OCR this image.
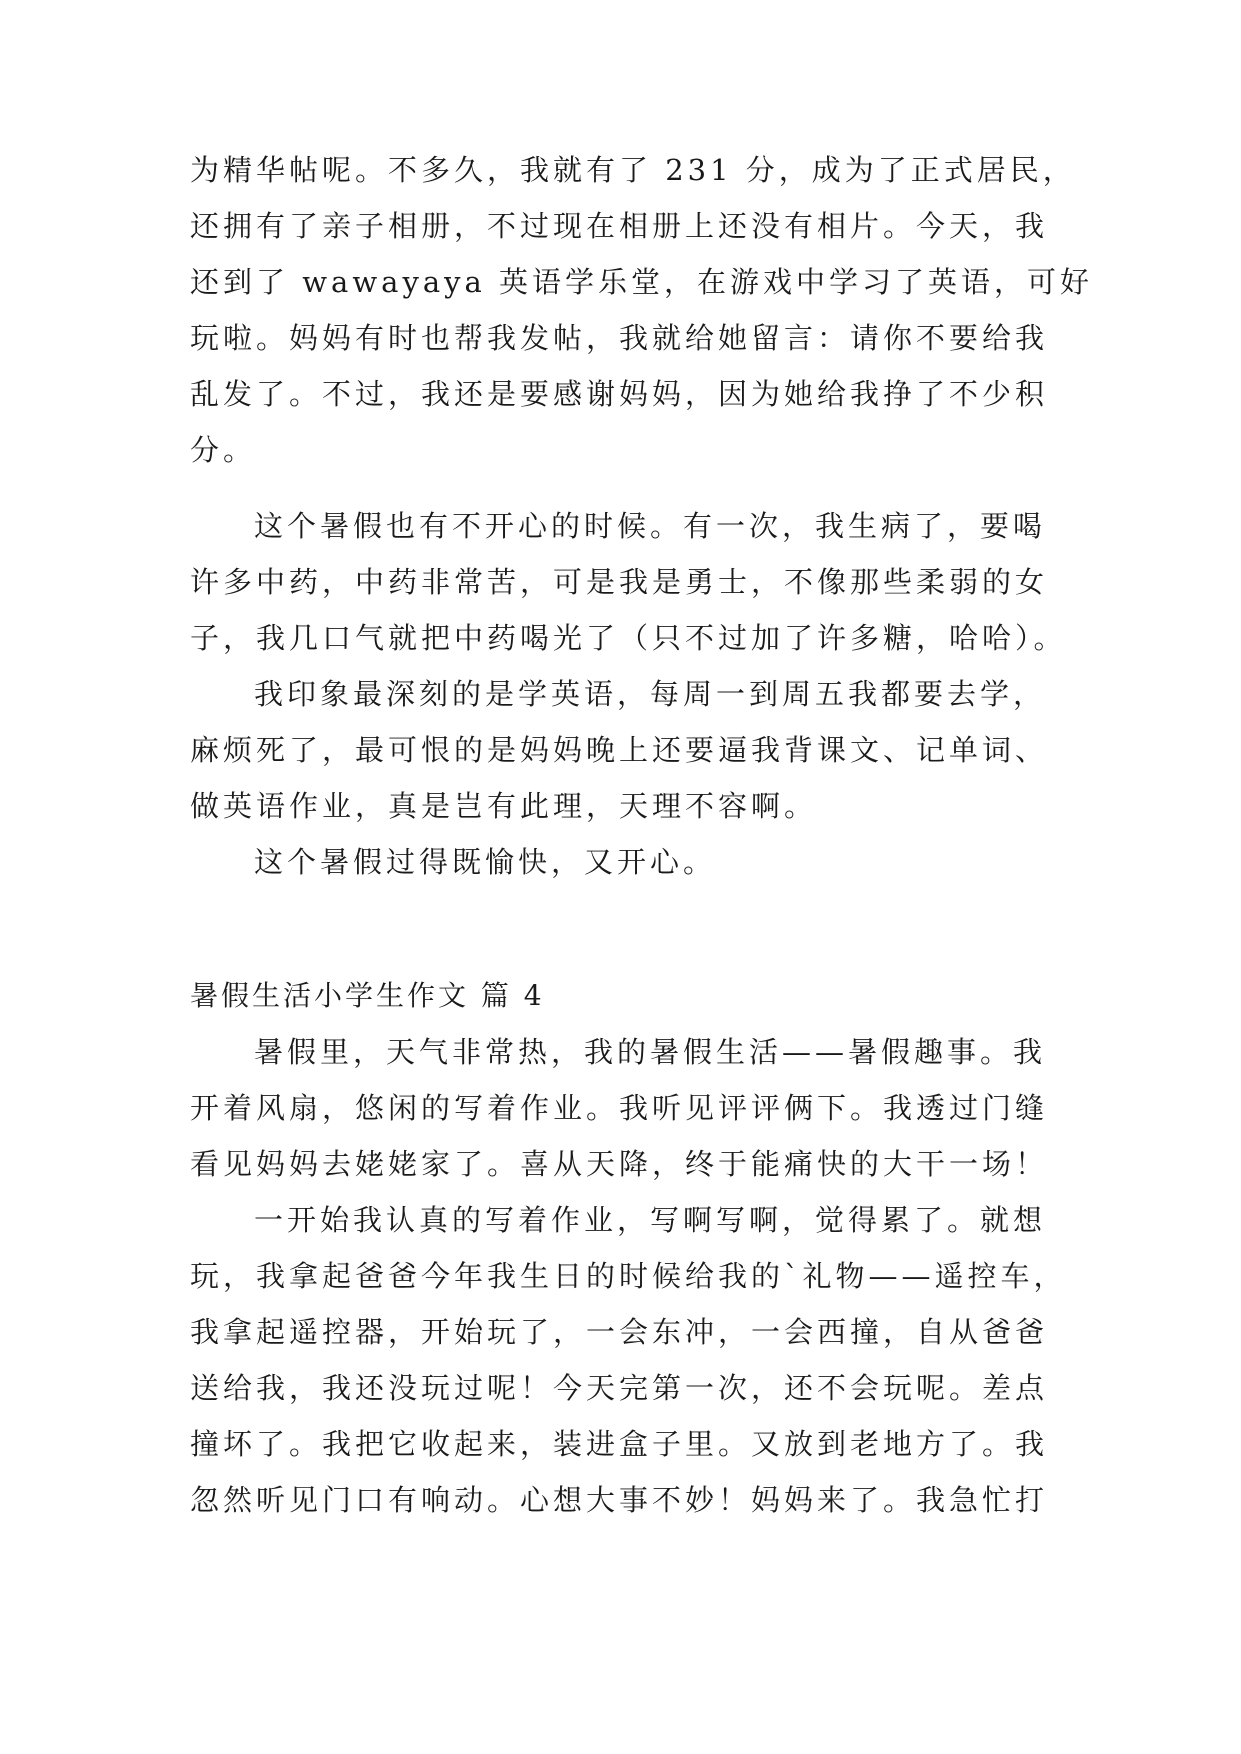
为精华帖呢。不多久，我就有了 231 分，成为了正式居民，
还拥有了亲子相册，不过现在相册上还没有相片。今天，我
还到了 wawayaya 英语学乐堂，在游戏中学习了英语，可好
玩啦。妈妈有时也帮我发帖，我就给她留言：请你不要给我
乱发了。不过，我还是要感谢妈妈，因为她给我挣了不少积
分。
这个暑假也有不开心的时候。有一次，我生病了，要喝
许多中药，中药非常苦，可是我是勇士，不像那些柔弱的女
子，我几口气就把中药喝光了（只不过加了许多糖，哈哈）。
我印象最深刻的是学英语，每周一到周五我都要去学，
麻烦死了，最可恨的是妈妈晚上还要逼我背课文、记单词、
做英语作业，真是岂有此理，天理不容啊。
这个暑假过得既愉快，又开心。
暑假生活小学生作文 篇 4
暑假里，天气非常热，我的暑假生活——暑假趣事。我
开着风扇，悠闲的写着作业。我听见评评俩下。我透过门缝
看见妈妈去姥姥家了。喜从天降，终于能痛快的大干一场！
一开始我认真的写着作业，写啊写啊，觉得累了。就想
玩，我拿起爸爸今年我生日的时候给我的`礼物——遥控车，
我拿起遥控器，开始玩了，一会东冲，一会西撞，自从爸爸
送给我，我还没玩过呢！今天完第一次，还不会玩呢。差点
撞坏了。我把它收起来，装进盒子里。又放到老地方了。我
忽然听见门口有响动。心想大事不妙！妈妈来了。我急忙打
